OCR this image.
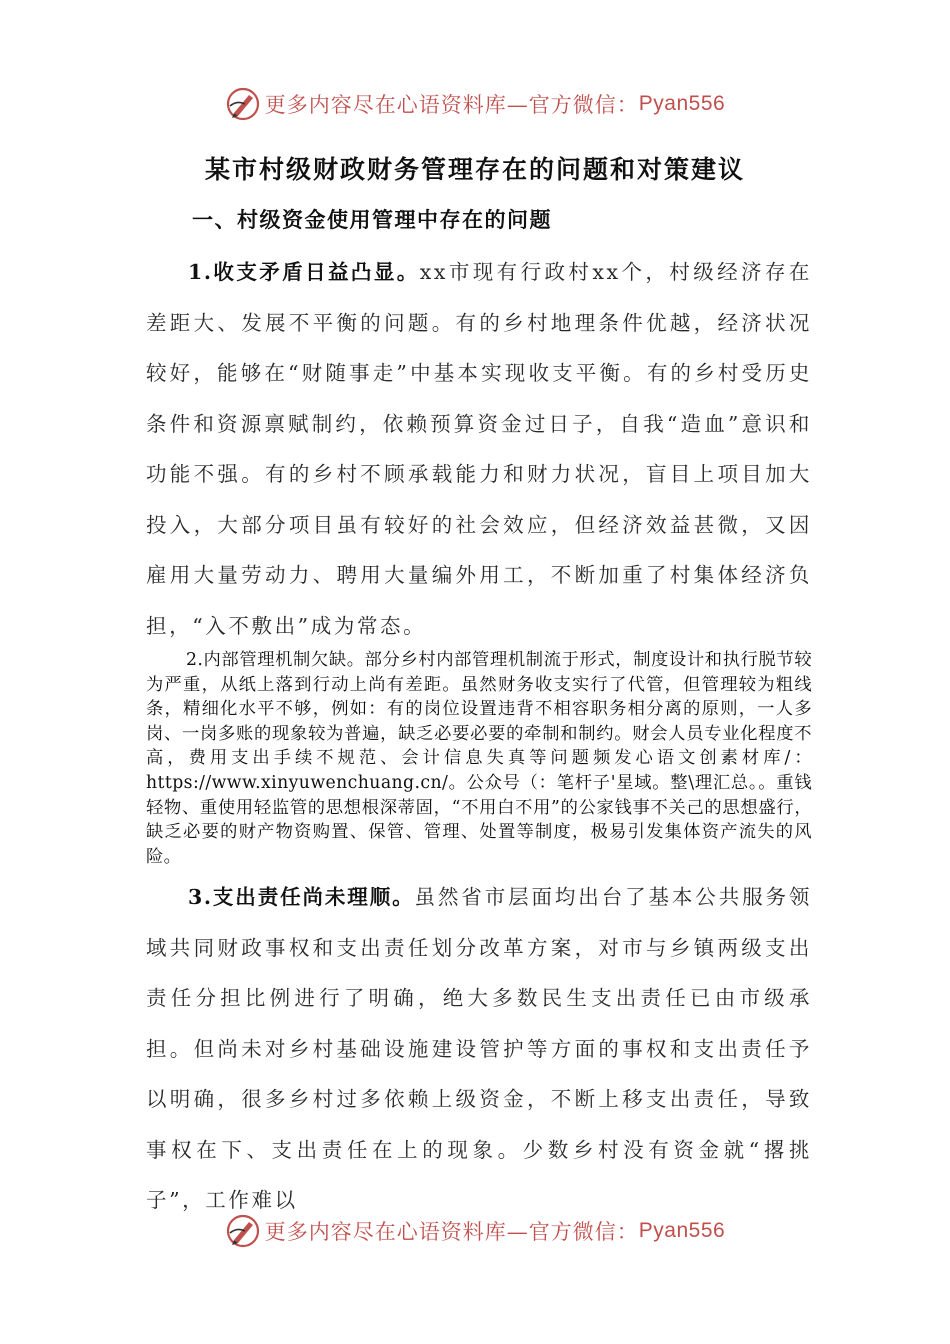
更多内容尽在心语资料库—官方微信： Pyan556
某市村级财政财务管理存在的问题和对策建议
一、村级资金使用管理中存在的问题
1.收支矛盾日益凸显。xx市现有行政村xx个，村级经济存在差距大、发展不平衡的问题。有的乡村地理条件优越，经济状况较好，能够在“财随事走”中基本实现收支平衡。有的乡村受历史条件和资源禀赋制约，依赖预算资金过日子，自我“造血”意识和功能不强。有的乡村不顾承载能力和财力状况，盲目上项目加大投入，大部分项目虽有较好的社会效应，但经济效益甚微，又因雇用大量劳动力、聘用大量编外用工，不断加重了村集体经济负担，“入不敷出”成为常态。
2.内部管理机制欠缺。部分乡村内部管理机制流于形式，制度设计和执行脱节较为严重，从纸上落到行动上尚有差距。虽然财务收支实行了代管，但管理较为粗线条，精细化水平不够，例如：有的岗位设置违背不相容职务相分离的原则，一人多岗、一岗多账的现象较为普遍，缺乏必要必要的牵制和制约。财会人员专业化程度不高，费用支出手续不规范、会计信息失真等问题频发心语文创素材库/：https://www.xinyuwenchuang.cn/。公众号（：笔杆子'星域。整\理汇总。。重钱轻物、重使用轻监管的思想根深蒂固，“不用白不用”的公家钱事不关己的思想盛行，缺乏必要的财产物资购置、保管、管理、处置等制度，极易引发集体资产流失的风险。
3.支出责任尚未理顺。虽然省市层面均出台了基本公共服务领域共同财政事权和支出责任划分改革方案，对市与乡镇两级支出责任分担比例进行了明确，绝大多数民生支出责任已由市级承担。但尚未对乡村基础设施建设管护等方面的事权和支出责任予以明确，很多乡村过多依赖上级资金，不断上移支出责任，导致事权在下、支出责任在上的现象。少数乡村没有资金就“撂挑子”，工作难以
更多内容尽在心语资料库—官方微信： Pyan556
